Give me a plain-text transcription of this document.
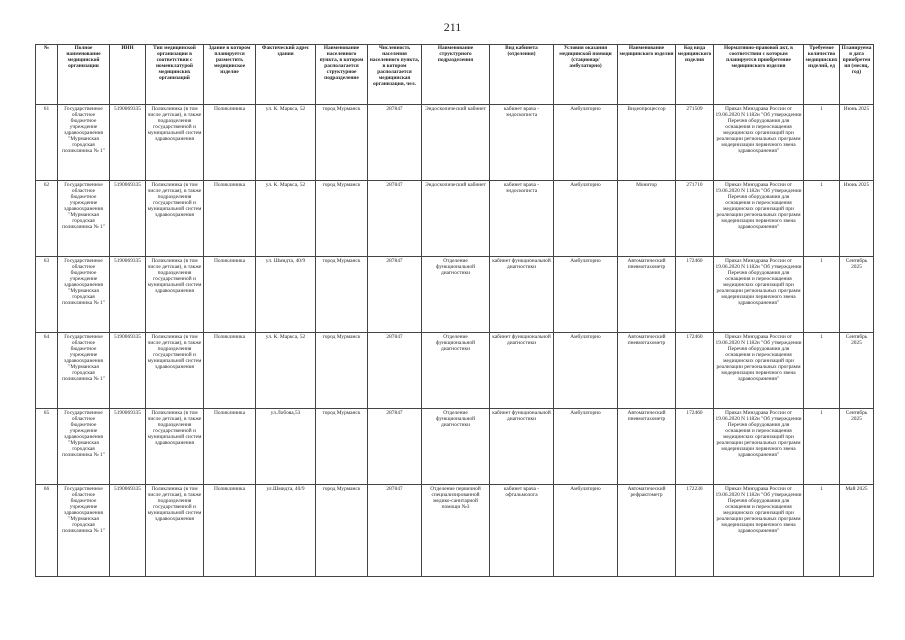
211
№	Полное наименование медицинской организации	ИНН	Тип медицинской организации в соответствии с номенклатурой медицинских организаций	Здание в котором планируется разместить медицинское изделие	Фактический адрес здания	Наименование населенного пункта, в котором располагается структурное подразделение	Численность населения населенного пункта, в котором располагается медицинская организация, чел.	Наименование структурного подразделения	Вид кабинета (отделения)	Условия оказания медицинской помощи (стационар/амбулаторно)	Наименование медицинского изделия	Код вида медицинского изделия	Нормативно-правовой акт, в соответствии с которым планируется приобретение медицинского изделия	Требуемое количество медицинских изделий, ед	Планируемая дата приобретения (месяц, год)
61	Государственное областное бюджетное учреждение здравоохранения "Мурманская городская поликлиника № 1"	5190069335	Поликлиника (в том числе детская), в также подразделения государственной и муниципальной систем здравоохранения	Поликлиника	ул. К. Маркса, 52	город Мурманск	287847	Эндоскопический кабинет	кабинет врача - эндоскописта	Амбулаторно	Видеопроцессор	271509	Приказ Минздрава России от 19.06.2020 N 1182н "Об утверждении Перечня оборудования для оснащения и переоснащения медицинских организаций при реализации региональных программ модернизации первичного звена здравоохранения"	1	Июнь 2025
62	Государственное областное бюджетное учреждение здравоохранения "Мурманская городская поликлиника № 1"	5190069335	Поликлиника (в том числе детская), в также подразделения государственной и муниципальной систем здравоохранения	Поликлиника	ул. К. Маркса, 52	город Мурманск	287847	Эндоскопический кабинет	кабинет врача - эндоскописта	Амбулаторно	Монитор	271710	Приказ Минздрава России от 19.06.2020 N 1182н "Об утверждении Перечня оборудования для оснащения и переоснащения медицинских организаций при реализации региональных программ модернизации первичного звена здравоохранения"	1	Июнь 2025
63	Государственное областное бюджетное учреждение здравоохранения "Мурманская городская поликлиника № 1"	5190069335	Поликлиника (в том числе детская), в также подразделения государственной и муниципальной систем здравоохранения	Поликлиника	ул. Шмидта, 40/9	город Мурманск	287847	Отделение функциональной диагностики	кабинет функциональной диагностики	Амбулаторно	Автоматический пневмотахометр	172460	Приказ Минздрава России от 19.06.2020 N 1182н "Об утверждении Перечня оборудования для оснащения и переоснащения медицинских организаций при реализации региональных программ модернизации первичного звена здравоохранения"	1	Сентябрь 2025
64	Государственное областное бюджетное учреждение здравоохранения "Мурманская городская поликлиника № 1"	5190069335	Поликлиника (в том числе детская), в также подразделения государственной и муниципальной систем здравоохранения	Поликлиника	ул. К. Маркса, 52	город Мурманск	287847	Отделение функциональной диагностики	кабинет функциональной диагностики	Амбулаторно	Автоматический пневмотахометр	172460	Приказ Минздрава России от 19.06.2020 N 1182н "Об утверждении Перечня оборудования для оснащения и переоснащения медицинских организаций при реализации региональных программ модернизации первичного звена здравоохранения"	1	Сентябрь 2025
65	Государственное областное бюджетное учреждение здравоохранения "Мурманская городская поликлиника № 1"	5190069335	Поликлиника (в том числе детская), в также подразделения государственной и муниципальной систем здравоохранения	Поликлиника	ул.Лобова,53	город Мурманск	287847	Отделение функциональной диагностики	кабинет функциональной диагностики	Амбулаторно	Автоматический пневмотахометр	172460	Приказ Минздрава России от 19.06.2020 N 1182н "Об утверждении Перечня оборудования для оснащения и переоснащения медицинских организаций при реализации региональных программ модернизации первичного звена здравоохранения"	1	Сентябрь 2025
66	Государственное областное бюджетное учреждение здравоохранения "Мурманская городская поликлиника № 1"	5190069335	Поликлиника (в том числе детская), в также подразделения государственной и муниципальной систем здравоохранения	Поликлиника	ул.Шмидта, 40/9	город Мурманск	287847	Отделение первичной специализированной медико-санитарной помощи №3	кабинет врача - офтальмолога	Амбулаторно	Автоматический рефрактометр	172230	Приказ Минздрава России от 19.06.2020 N 1182н "Об утверждении Перечня оборудования для оснащения и переоснащения медицинских организаций при реализации региональных программ модернизации первичного звена здравоохранения"	1	Май 2025
